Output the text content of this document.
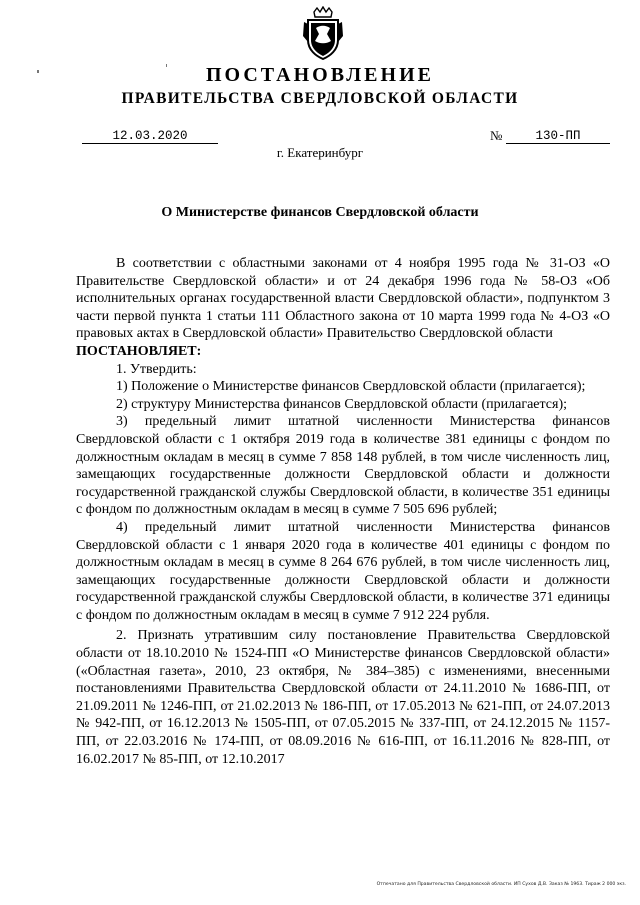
ПОСТАНОВЛЕНИЕ
ПРАВИТЕЛЬСТВА СВЕРДЛОВСКОЙ ОБЛАСТИ
12.03.2020	№	130-ПП
г. Екатеринбург
О Министерстве финансов Свердловской области

В соответствии с областными законами от 4 ноября 1995 года № 31-ОЗ «О Правительстве Свердловской области» и от 24 декабря 1996 года № 58-ОЗ «Об исполнительных органах государственной власти Свердловской области», подпунктом 3 части первой пункта 1 статьи 111 Областного закона от 10 марта 1999 года № 4-ОЗ «О правовых актах в Свердловской области» Правительство Свердловской области

ПОСТАНОВЛЯЕТ:

1. Утвердить:

1) Положение о Министерстве финансов Свердловской области (прилагается);

2) структуру Министерства финансов Свердловской области (прилагается);

3) предельный лимит штатной численности Министерства финансов Свердловской области с 1 октября 2019 года в количестве 381 единицы с фондом по должностным окладам в месяц в сумме 7 858 148 рублей, в том числе численность лиц, замещающих государственные должности Свердловской области и должности государственной гражданской службы Свердловской области, в количестве 351 единицы с фондом по должностным окладам в месяц в сумме 7 505 696 рублей;

4) предельный лимит штатной численности Министерства финансов Свердловской области с 1 января 2020 года в количестве 401 единицы с фондом по должностным окладам в месяц в сумме 8 264 676 рублей, в том числе численность лиц, замещающих государственные должности Свердловской области и должности государственной гражданской службы Свердловской области, в количестве 371 единицы с фондом по должностным окладам в месяц в сумме 7 912 224 рубля.

2. Признать утратившим силу постановление Правительства Свердловской области от 18.10.2010 № 1524-ПП «О Министерстве финансов Свердловской области» («Областная газета», 2010, 23 октября, № 384–385) с изменениями, внесенными постановлениями Правительства Свердловской области от 24.11.2010 № 1686-ПП, от 21.09.2011 № 1246-ПП, от 21.02.2013 № 186-ПП, от 17.05.2013 № 621-ПП, от 24.07.2013 № 942-ПП, от 16.12.2013 № 1505-ПП, от 07.05.2015 № 337-ПП, от 24.12.2015 № 1157-ПП, от 22.03.2016 № 174-ПП, от 08.09.2016 № 616-ПП, от 16.11.2016 № 828-ПП, от 16.02.2017 № 85-ПП, от 12.10.2017

Отпечатано для Правительства Свердловской области. ИП Сухов Д.В. Заказ № 1963. Тираж 2 000 экз.
